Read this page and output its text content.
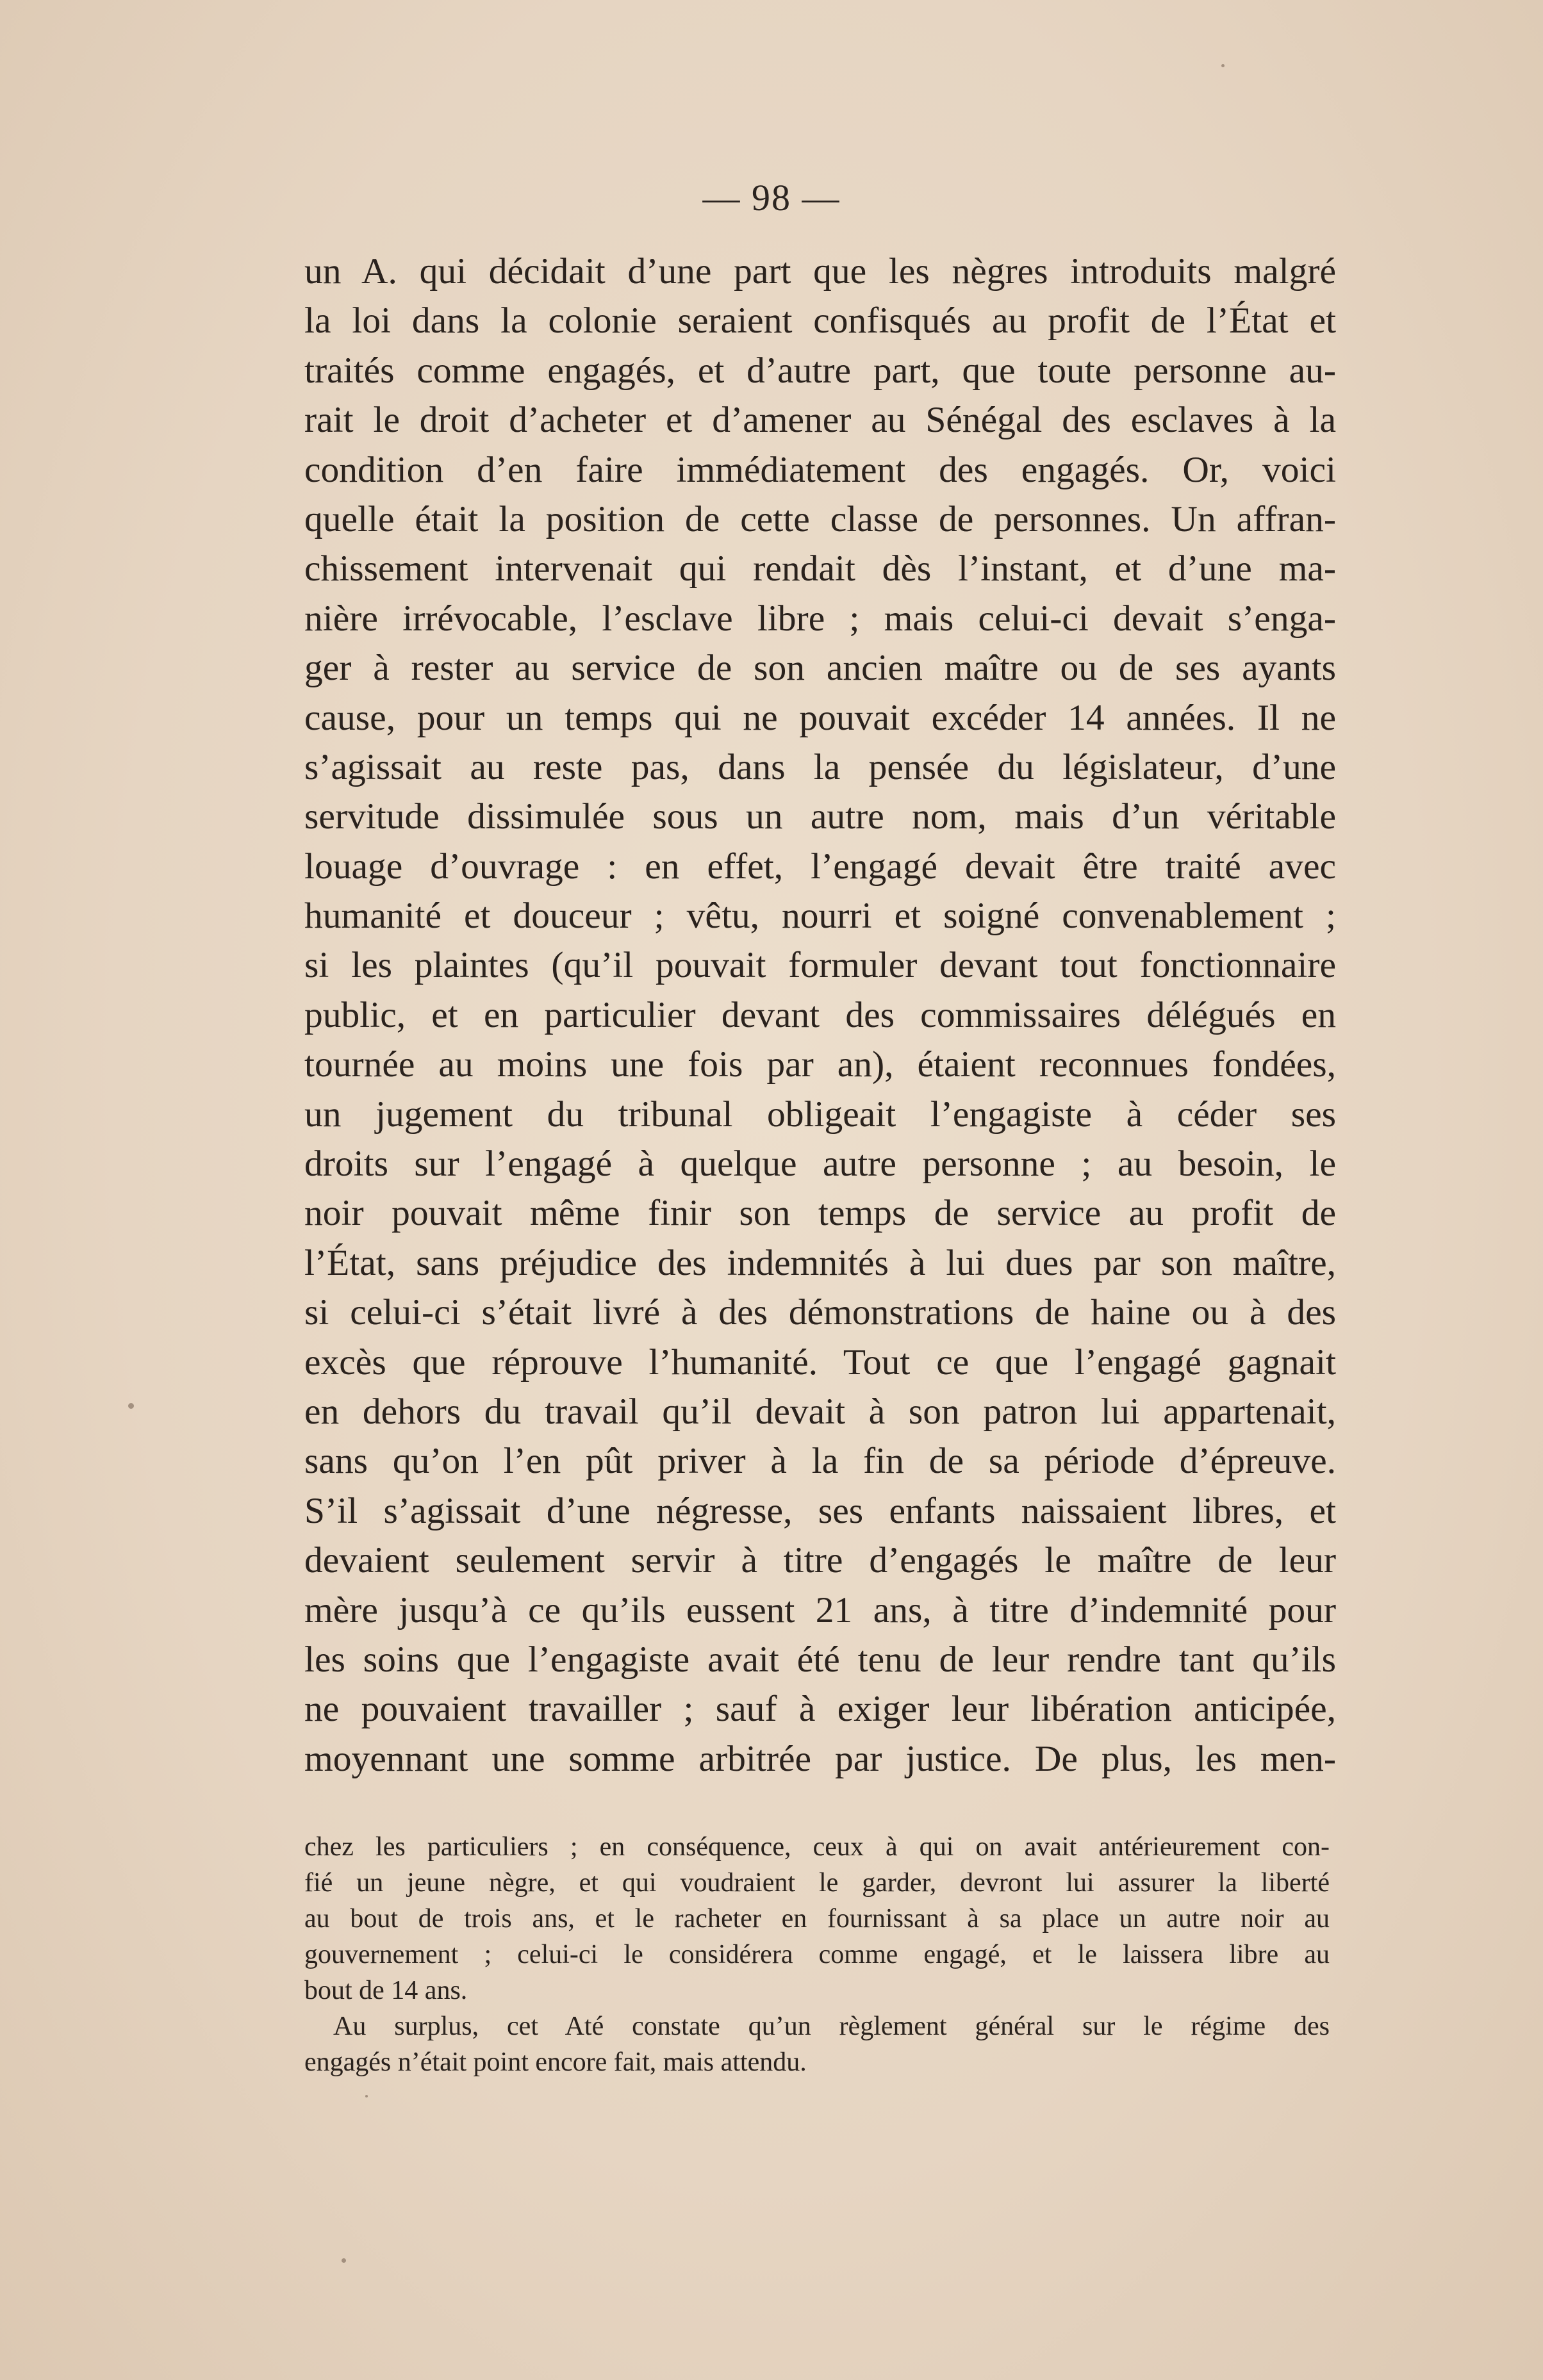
— 98 —
un A. qui décidait d’une part que les nègres introduits malgré
la loi dans la colonie seraient confisqués au profit de l’État et
traités comme engagés, et d’autre part, que toute personne au-
rait le droit d’acheter et d’amener au Sénégal des esclaves à la
condition d’en faire immédiatement des engagés. Or, voici
quelle était la position de cette classe de personnes. Un affran-
chissement intervenait qui rendait dès l’instant, et d’une ma-
nière irrévocable, l’esclave libre ; mais celui-ci devait s’enga-
ger à rester au service de son ancien maître ou de ses ayants
cause, pour un temps qui ne pouvait excéder 14 années. Il ne
s’agissait au reste pas, dans la pensée du législateur, d’une
servitude dissimulée sous un autre nom, mais d’un véritable
louage d’ouvrage : en effet, l’engagé devait être traité avec
humanité et douceur ; vêtu, nourri et soigné convenablement ;
si les plaintes (qu’il pouvait formuler devant tout fonctionnaire
public, et en particulier devant des commissaires délégués en
tournée au moins une fois par an), étaient reconnues fondées,
un jugement du tribunal obligeait l’engagiste à céder ses
droits sur l’engagé à quelque autre personne ; au besoin, le
noir pouvait même finir son temps de service au profit de
l’État, sans préjudice des indemnités à lui dues par son maître,
si celui-ci s’était livré à des démonstrations de haine ou à des
excès que réprouve l’humanité. Tout ce que l’engagé gagnait
en dehors du travail qu’il devait à son patron lui appartenait,
sans qu’on l’en pût priver à la fin de sa période d’épreuve.
S’il s’agissait d’une négresse, ses enfants naissaient libres, et
devaient seulement servir à titre d’engagés le maître de leur
mère jusqu’à ce qu’ils eussent 21 ans, à titre d’indemnité pour
les soins que l’engagiste avait été tenu de leur rendre tant qu’ils
ne pouvaient travailler ; sauf à exiger leur libération anticipée,
moyennant une somme arbitrée par justice. De plus, les men-
chez les particuliers ; en conséquence, ceux à qui on avait antérieurement con-
fié un jeune nègre, et qui voudraient le garder, devront lui assurer la liberté
au bout de trois ans, et le racheter en fournissant à sa place un autre noir au
gouvernement ; celui-ci le considérera comme engagé, et le laissera libre au
bout de 14 ans.
Au surplus, cet Até constate qu’un règlement général sur le régime des
engagés n’était point encore fait, mais attendu.
